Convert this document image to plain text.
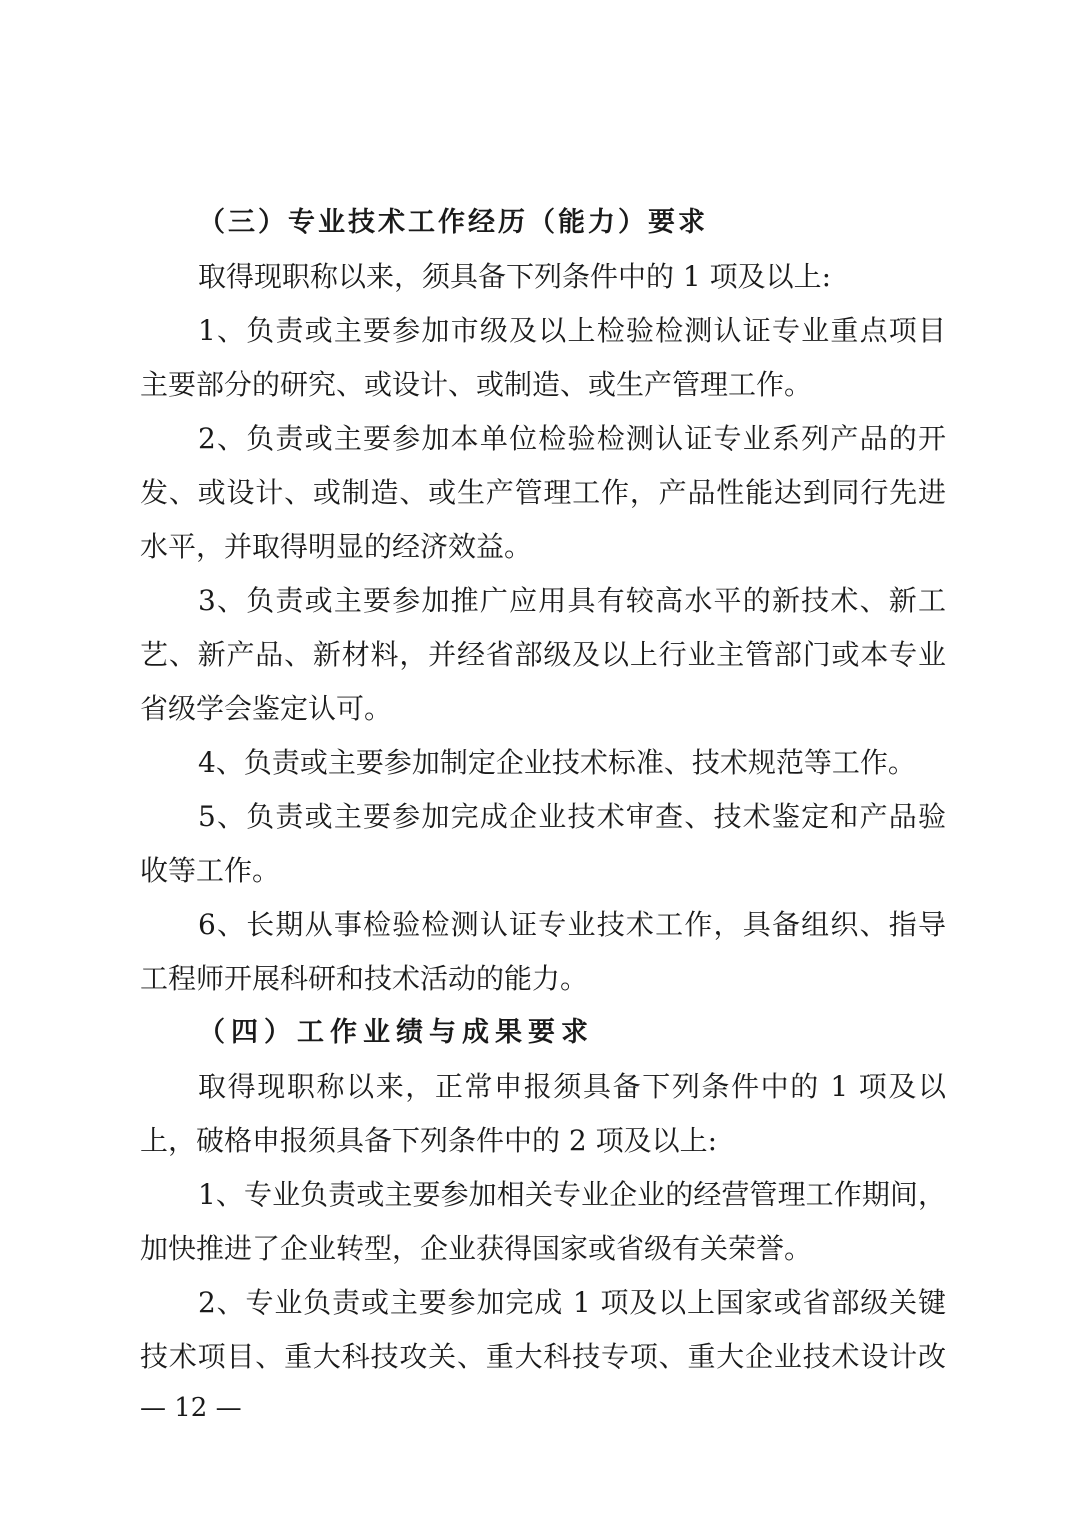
（三）专业技术工作经历（能力）要求
取得现职称以来，须具备下列条件中的 1 项及以上:
1、负责或主要参加市级及以上检验检测认证专业重点项目
主要部分的研究、或设计、或制造、或生产管理工作。
2、负责或主要参加本单位检验检测认证专业系列产品的开
发、或设计、或制造、或生产管理工作，产品性能达到同行先进
水平，并取得明显的经济效益。
3、负责或主要参加推广应用具有较高水平的新技术、新工
艺、新产品、新材料，并经省部级及以上行业主管部门或本专业
省级学会鉴定认可。
4、负责或主要参加制定企业技术标准、技术规范等工作。
5、负责或主要参加完成企业技术审查、技术鉴定和产品验
收等工作。
6、长期从事检验检测认证专业技术工作，具备组织、指导
工程师开展科研和技术活动的能力。
（四）工作业绩与成果要求
取得现职称以来，正常申报须具备下列条件中的 1 项及以
上，破格申报须具备下列条件中的 2 项及以上:
1、专业负责或主要参加相关专业企业的经营管理工作期间，
加快推进了企业转型，企业获得国家或省级有关荣誉。
2、专业负责或主要参加完成 1 项及以上国家或省部级关键
技术项目、重大科技攻关、重大科技专项、重大企业技术设计改
— 12 —
